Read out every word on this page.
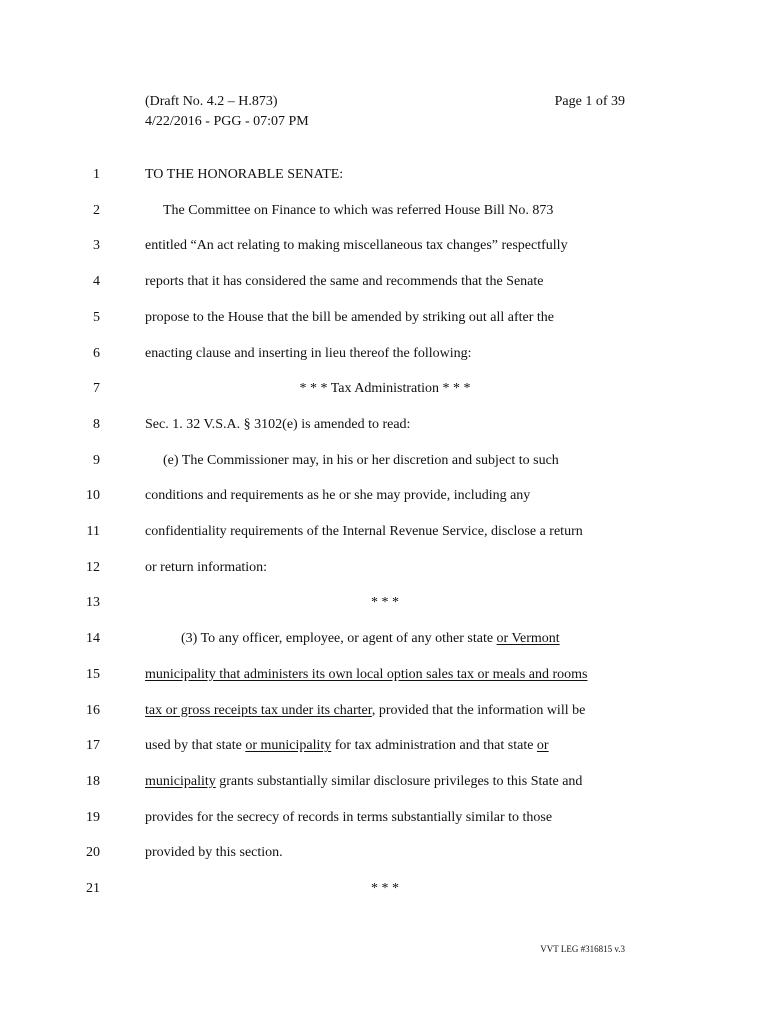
(Draft No. 4.2 – H.873)
4/22/2016 - PGG - 07:07 PM
Page 1 of 39
1	TO THE HONORABLE SENATE:
2	The Committee on Finance to which was referred House Bill No. 873
3	entitled “An act relating to making miscellaneous tax changes” respectfully
4	reports that it has considered the same and recommends that the Senate
5	propose to the House that the bill be amended by striking out all after the
6	enacting clause and inserting in lieu thereof the following:
7	* * * Tax Administration * * *
8	Sec. 1. 32 V.S.A. § 3102(e) is amended to read:
9	(e) The Commissioner may, in his or her discretion and subject to such
10	conditions and requirements as he or she may provide, including any
11	confidentiality requirements of the Internal Revenue Service, disclose a return
12	or return information:
13	* * *
14	(3) To any officer, employee, or agent of any other state or Vermont
15	municipality that administers its own local option sales tax or meals and rooms
16	tax or gross receipts tax under its charter, provided that the information will be
17	used by that state or municipality for tax administration and that state or
18	municipality grants substantially similar disclosure privileges to this State and
19	provides for the secrecy of records in terms substantially similar to those
20	provided by this section.
21	* * *
VVT LEG #316815 v.3
